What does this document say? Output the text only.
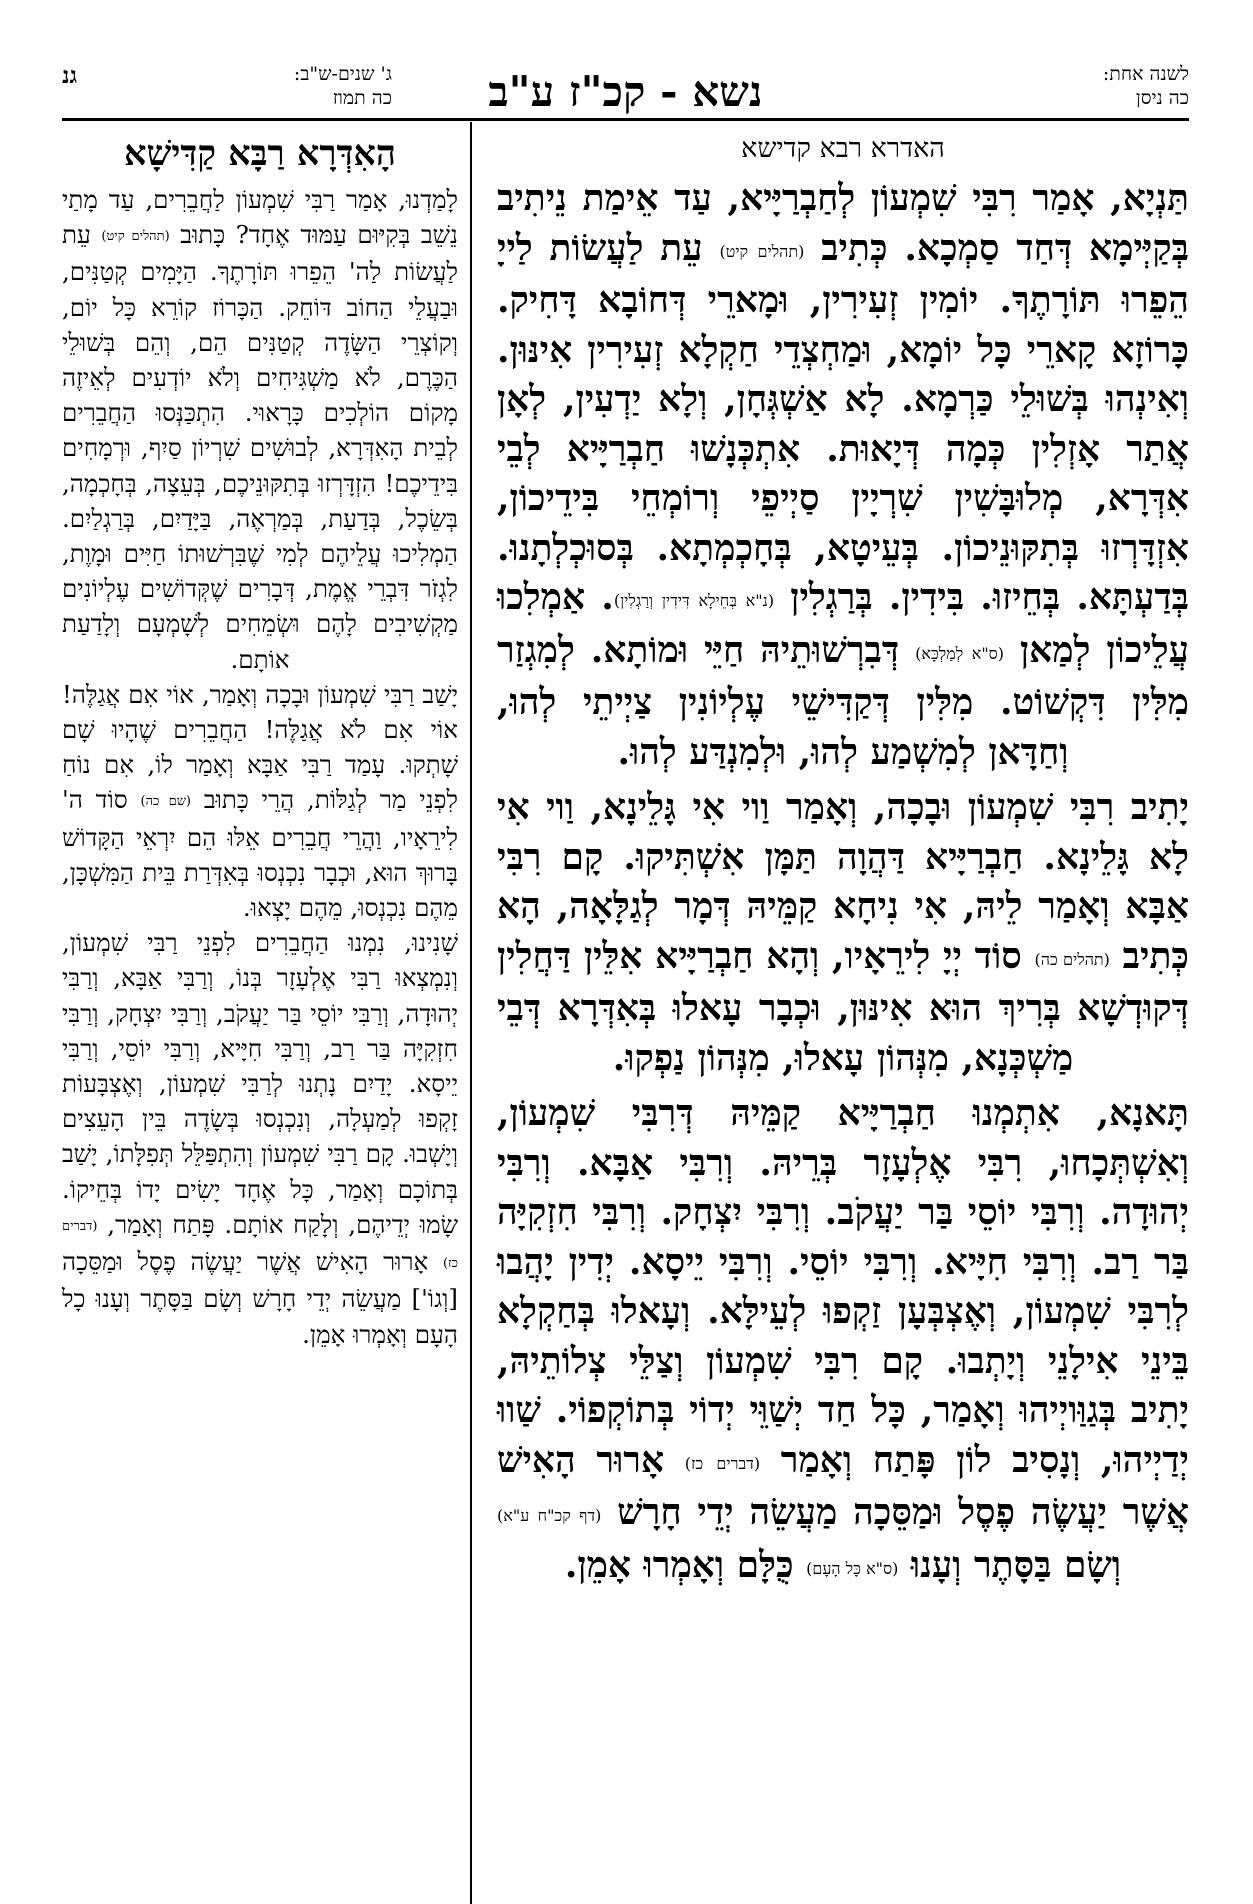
לשנה אחת:
כה ניסן
נשא - קכ"ז ע"ב
ג' שנים-ש"ב:
כה תמוז
גנ
האדרא רבא קדישא

תַּנְיָא, אָמַר רִבִּי שִׁמְעוֹן לְחַבְרַיָּיא, עַד אֵימַת נֵיתִיב בְּקַיְּימָא דְּחַד סַמְכָא. כְּתִיב (תהלים קיט) עֵת לַעֲשׂוֹת לַייָ הֵפֵרוּ תּוֹרָתֶךָ. יוֹמִין זְעִירִין, וּמָארֵי דְּחוֹבָא דָּחִיק. כָּרוֹזָא קָארֵי כָּל יוֹמָא, וּמַחְצְדֵי חַקְלָא זְעִירִין אִינּוּן. וְאִינְהוּ בְּשׁוּלֵי כַּרְמָא. לָא אַשְׁגְּחָן, וְלָא יַדְעִין, לְאָן אֲתַר אָזְלִין כְּמָה דְּיָאוּת. אִתְכְּנָשׁוּ חַבְרַיָּיא לְבֵי אִדְּרָא, מְלוּבָּשִׁין שִׁרְיָין סַיְיפֵי וְרוֹמְחֵי בִּידֵיכוֹן, אִזְדָּרְזוּ בְּתִקּוּנֵיכוֹן. בְּעֵיטָא, בְּחָכְמְתָא. בְּסוּכְלְתָנוּ. בְּדַעְתָּא. בְּחֵיזוּ. בִּידִין. בְּרַגְלִין (נ"א בְּחֵילָא דִּידִין וְרַגְלִין). אַמְלִכוּ עֲלֵיכוֹן לְמַאן (ס"א לְמַלְכָּא) דְּבִרְשׁוּתֵיהּ חַיֵּי וּמוֹתָא. לְמִגְזַר מִלִּין דִּקְשׁוֹט. מִלִּין דְּקַדִּישֵׁי עֶלְיוֹנִין צַיְיתֵי לְהוּ, וְחַדָּאן לְמִשְׁמַע לְהוּ, וּלְמִנְדַּע לְהוּ.

יָתִיב רִבִּי שִׁמְעוֹן וּבָכָה, וְאָמַר וַוי אִי גָּלֵינָא, וַוי אִי לָא גָּלֵינָא. חַבְרַיָּיא דַּהֲוָה תַּמָּן אִשְׁתִּיקוּ. קָם רִבִּי אַבָּא וְאָמַר לֵיהּ, אִי נִיחָא קַמֵּיהּ דְּמָר לְגַלָּאָה, הָא כְּתִיב (תהלים כה) סוֹד יְיָ לִירֵאָיו, וְהָא חַבְרַיָּיא אִלֵּין דַּחֲלִין דְּקוּדְשָׁא בְּרִיךְ הוּא אִינּוּן, וּכְבָר עָאלוּ בְּאִדְּרָא דְּבֵי מַשְׁכְּנָא, מִנְּהוֹן עָאלוּ, מִנְּהוֹן נַפְקוּ.

תָּאנָא, אִתְמְנוּ חַבְרַיָּיא קַמֵּיהּ דְּרִבִּי שִׁמְעוֹן, וְאִשְׁתְּכָחוּ, רִבִּי אֶלְעָזָר בְּרֵיהּ. וְרִבִּי אַבָּא. וְרִבִּי יְהוּדָה. וְרִבִּי יוֹסֵי בַּר יַעֲקֹב. וְרִבִּי יִצְחָק. וְרִבִּי חִזְקִיָּה בַּר רַב. וְרִבִּי חִיָּיא. וְרִבִּי יוֹסֵי. וְרִבִּי יֵיסָא. יְדִין יָהֲבוּ לְרִבִּי שִׁמְעוֹן, וְאֶצְבְּעָן זַקְפוּ לְעֵילָּא. וְעָאלוּ בְּחַקְלָא בֵּינֵי אִילָנֵי וְיָתְבוּ. קָם רִבִּי שִׁמְעוֹן וְצַלֵּי צְלוֹתֵיהּ, יָתִיב בְּגַוַּויְיהוּ וְאָמַר, כָּל חַד יְשַׁוֵּי יְדוֹי בְּתוֹקְפוֹי. שַׁווּ יְדַיְיהוּ, וְנָסִיב לוֹן פָּתַח וְאָמַר (דברים כז) אָרוּר הָאִישׁ אֲשֶׁר יַעֲשֶׂה פֶסֶל וּמַסֵּכָה מַעֲשֵׂה יְדֵי חָרָשׁ (דף קכ"ח ע"א) וְשָׂם בַּסָּתֶר וְעָנוּ (ס"א כָּל הָעָם) כֻּלָּם וְאָמְרוּ אָמֵן.

הָאִדְּרָא רַבָּא קַדִּישָׁא

לָמַדְנוּ, אָמַר רַבִּי שִׁמְעוֹן לַחֲבֵרִים, עַד מָתַי נֵשֵׁב בְּקִיּוּם עַמּוּד אֶחָד? כָּתוּב (תהלים קיט) עֵת לַעֲשׂוֹת לַה' הֵפֵרוּ תּוֹרָתֶךָ. הַיָּמִים קְטַנִּים, וּבַעֲלֵי הַחוֹב דּוֹחֵק. הַכָּרוֹז קוֹרֵא כָּל יוֹם, וְקוֹצְרֵי הַשָּׂדֶה קְטַנִּים הֵם, וְהֵם בְּשׁוּלֵי הַכֶּרֶם, לֹא מַשְׁגִּיחִים וְלֹא יוֹדְעִים לְאֵיזֶה מָקוֹם הוֹלְכִים כָּרָאוּי. הִתְכַּנְּסוּ הַחֲבֵרִים לְבֵית הָאִדְּרָא, לְבוּשִׁים שִׁרְיוֹן סַיִף, וּרְמָחִים בִּידֵיכֶם! הִזְדָּרְזוּ בְּתִקּוּנֵיכֶם, בְּעֵצָה, בְּחָכְמָה, בְּשֵׂכֶל, בְּדַעַת, בְּמַרְאֶה, בַּיָּדַיִם, בְּרַגְלַיִם. הַמְלִיכוּ עֲלֵיהֶם לְמִי שֶׁבִּרְשׁוּתוֹ חַיִּים וּמָוֶת, לִגְזֹר דִּבְרֵי אֱמֶת, דְּבָרִים שֶׁקְּדוֹשִׁים עֶלְיוֹנִים מַקְשִׁיבִים לָהֶם וּשְׂמֵחִים לְשָׁמְעָם וְלָדַעַת אוֹתָם.

יָשַׁב רַבִּי שִׁמְעוֹן וּבָכָה וְאָמַר, אוֹי אִם אֲגַלֶּה! אוֹי אִם לֹא אֲגַלֶּה! הַחֲבֵרִים שֶׁהָיוּ שָׁם שָׁתְקוּ. עָמַד רַבִּי אַבָּא וְאָמַר לוֹ, אִם נוֹחַ לִפְנֵי מַר לְגַלּוֹת, הֲרֵי כָּתוּב (שם כה) סוֹד ה' לִירֵאָיו, וַהֲרֵי חֲבֵרִים אֵלּוּ הֵם יִרְאֵי הַקָּדוֹשׁ בָּרוּךְ הוּא, וּכְבָר נִכְנְסוּ בְּאִדְּרַת בֵּית הַמִּשְׁכָּן, מֵהֶם נִכְנְסוּ, מֵהֶם יָצְאוּ.

שָׁנִינוּ, נִמְנוּ הַחֲבֵרִים לִפְנֵי רַבִּי שִׁמְעוֹן, וְנִמְצְאוּ רַבִּי אֶלְעָזָר בְּנוֹ, וְרַבִּי אַבָּא, וְרַבִּי יְהוּדָה, וְרַבִּי יוֹסֵי בַּר יַעֲקֹב, וְרַבִּי יִצְחָק, וְרַבִּי חִזְקִיָּה בַּר רַב, וְרַבִּי חִיָּיא, וְרַבִּי יוֹסֵי, וְרַבִּי יֵיסָא. יָדַיִם נָתְנוּ לְרַבִּי שִׁמְעוֹן, וְאֶצְבָּעוֹת זָקְפוּ לְמַעְלָה, וְנִכְנְסוּ בְּשָׂדֶה בֵּין הָעֵצִים וְיָשְׁבוּ. קָם רַבִּי שִׁמְעוֹן וְהִתְפַּלֵּל תְּפִלָּתוֹ, יָשַׁב בְּתוֹכָם וְאָמַר, כָּל אֶחָד יָשִׂים יָדוֹ בְּחֵיקוֹ. שָׂמוּ יְדֵיהֶם, וְלָקַח אוֹתָם. פָּתַח וְאָמַר, (דברים כז) אָרוּר הָאִישׁ אֲשֶׁר יַעֲשֶׂה פֶסֶל וּמַסֵּכָה [וְגוֹ'] מַעֲשֵׂה יְדֵי חָרָשׁ וְשָׂם בַּסָּתֶר וְעָנוּ כָל הָעָם וְאָמְרוּ אָמֵן.
